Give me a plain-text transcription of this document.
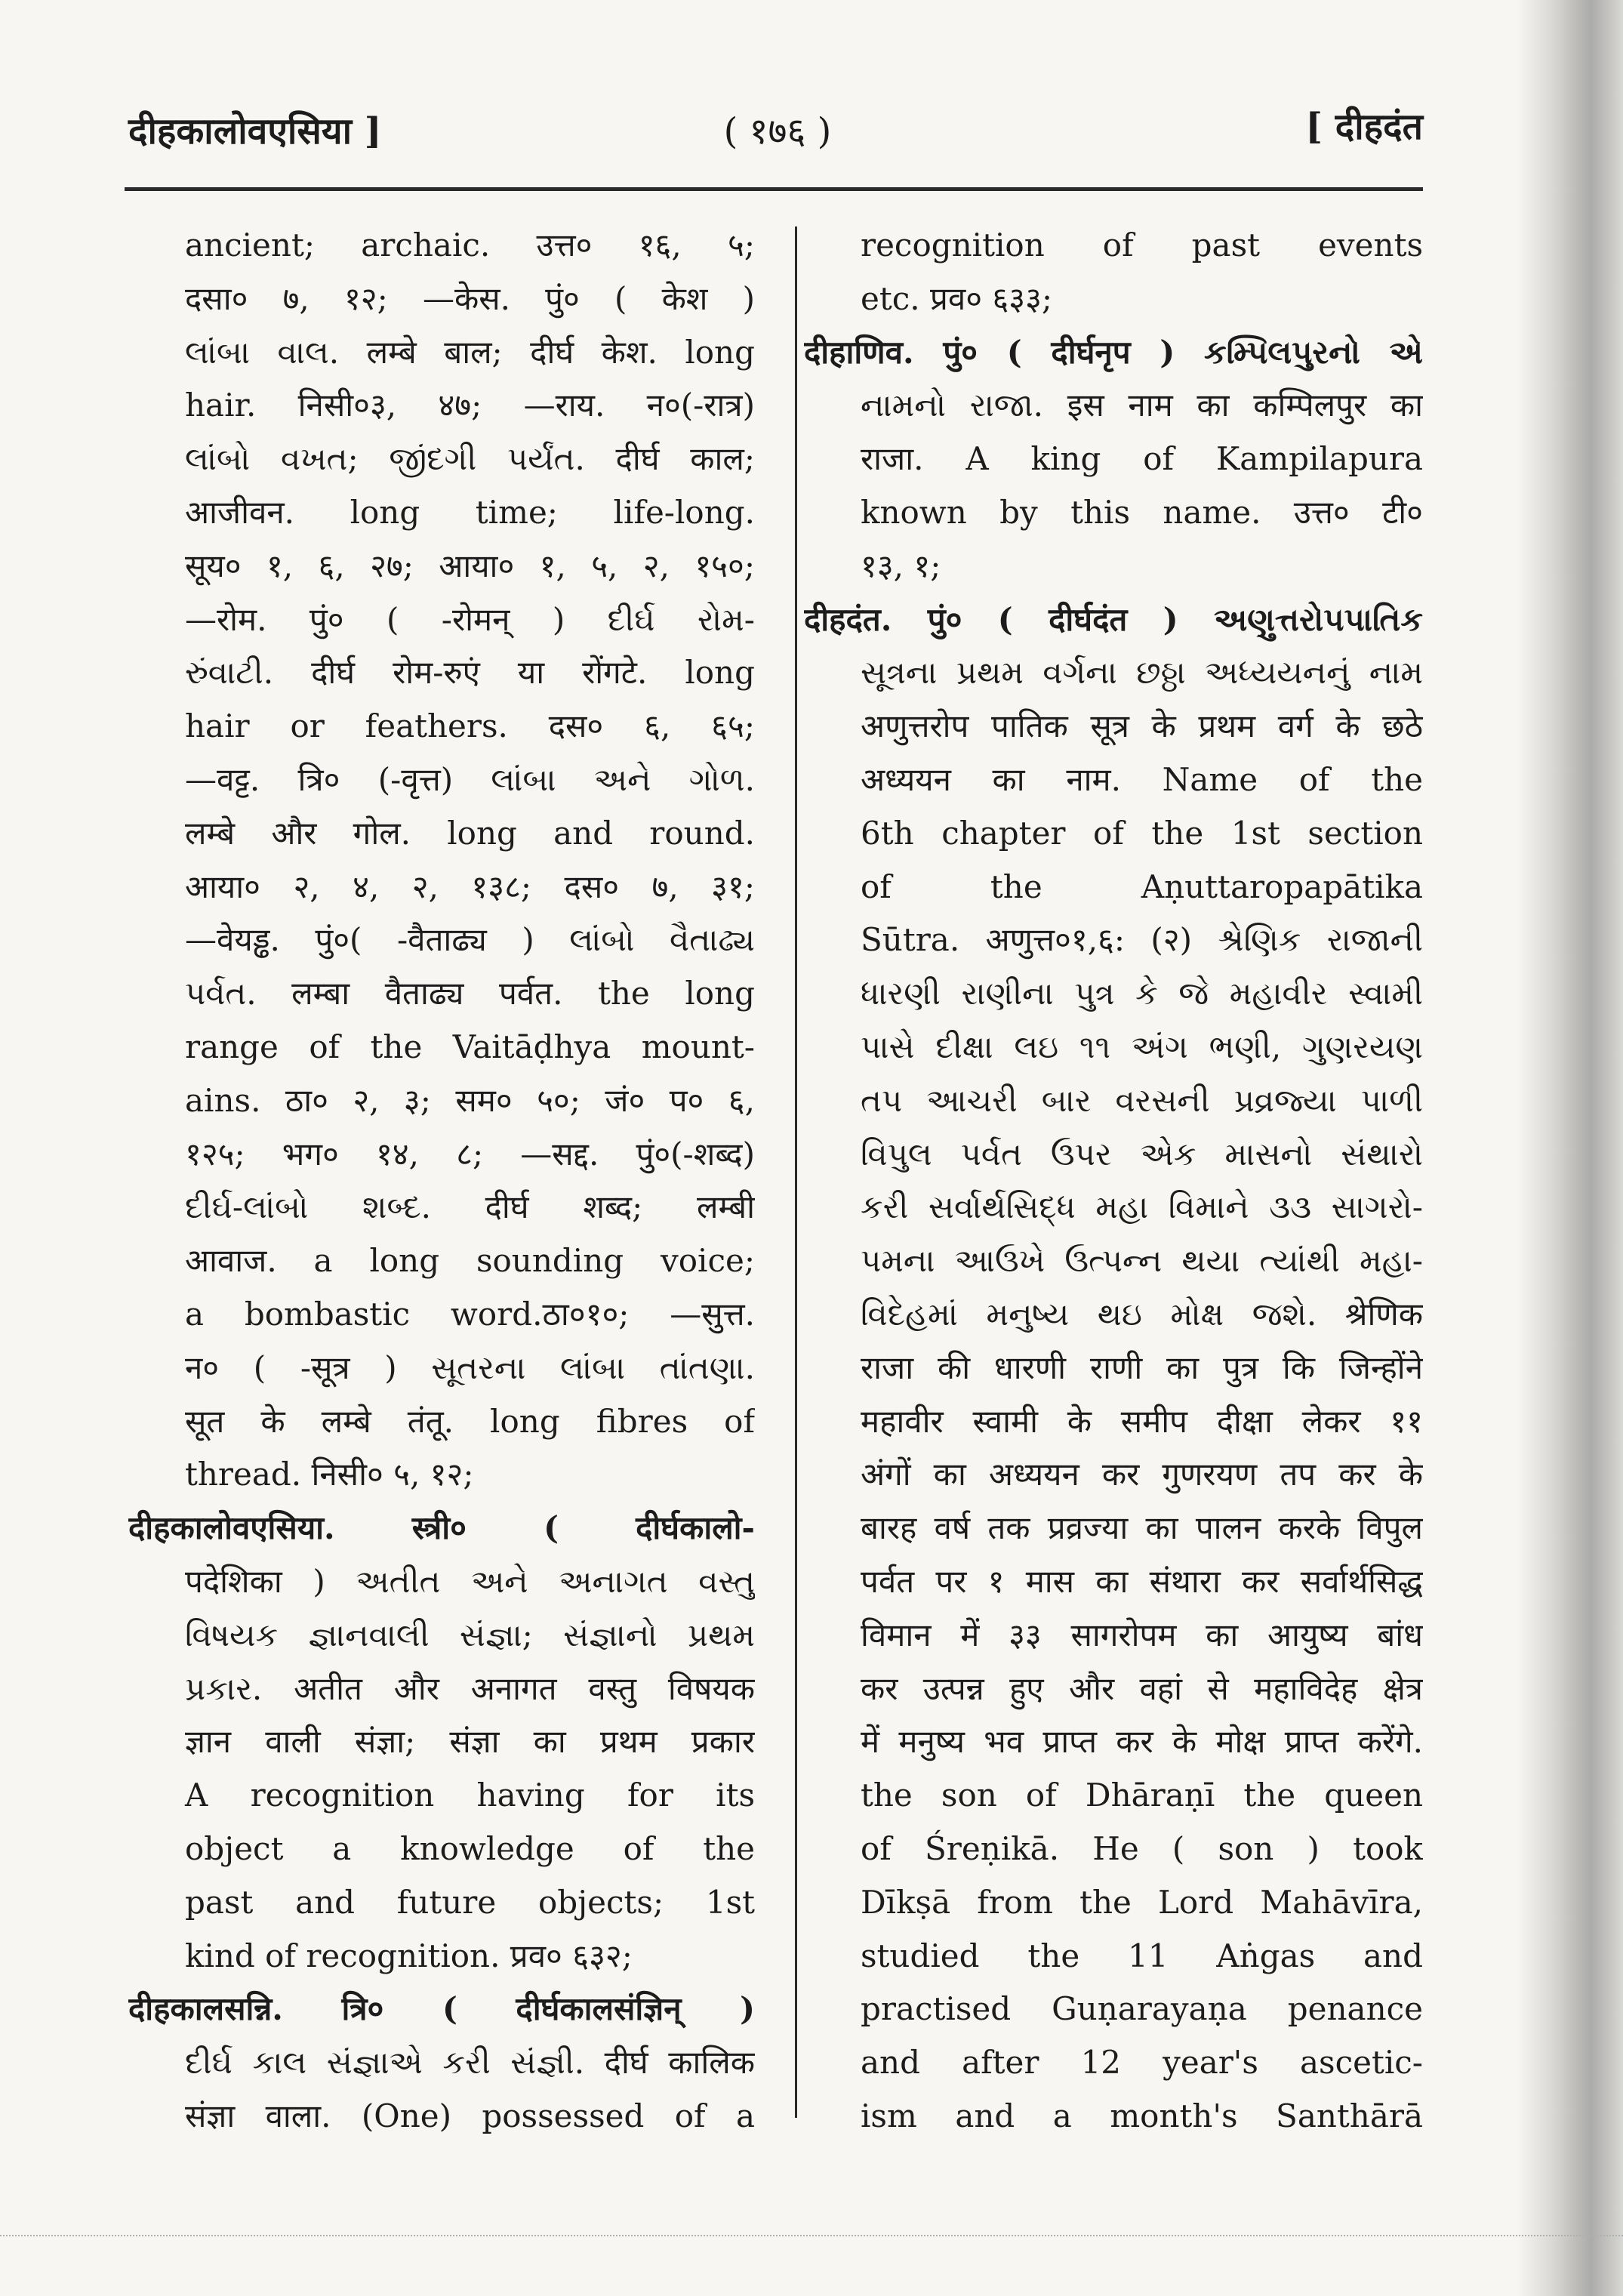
दीहकालोवएसिया ]	( १७६ )	[ दीहदंत
ancient; archaic. उत्त० १६, ५;
दसा० ७, १२; —केस. पुं० ( केश )
લાંબા વાલ. लम्बे बाल; दीर्घ केश. long
hair. निसी०३, ४७; —राय. न०(-रात्र)
લાંબો વખત; જીંદગી પર્યંત. दीर्घ काल;
आजीवन. long time; life-long.
सूय० १, ६, २७; आया० १, ५, २, १५०;
—रोम. पुं० ( -रोमन् ) દીર્ઘ રોમ-
રુંવાટી. दीर्घ रोम-रुएं या रोंगटे. long
hair or feathers. दस० ६, ६५;
—वट्ट. त्रि० (-वृत्त) લાંબા અને ગોળ.
लम्बे और गोल. long and round.
आया० २, ४, २, १३८; दस० ७, ३१;
—वेयड्ढ. पुं०( -वैताढ्य ) લાંબો વૈતાઢ્ય
પર્વત. लम्बा वैताढ्य पर्वत. the long
range of the Vaitāḍhya mount-
ains. ठा० २, ३; सम० ५०; जं० प० ६,
१२५; भग० १४, ८; —सद्द. पुं०(-शब्द)
દીર્ઘ-લાંબો શબ્દ. दीर्घ शब्द; लम्बी
आवाज. a long sounding voice;
a bombastic word.ठा०१०; —सुत्त.
न० ( -सूत्र ) સૂતરના લાંબા તાંતણા.
सूत के लम्बे तंतू. long fibres of
thread. निसी० ५, १२;
दीहकालोवएसिया. स्त्री० ( दीर्घकालो-
पदेशिका ) અતીત અને અનાગત વસ્તુ
વિષયક જ્ઞાનવાલી સંજ્ઞા; સંજ્ઞાનો પ્રથમ
પ્રકાર. अतीत और अनागत वस्तु विषयक
ज्ञान वाली संज्ञा; संज्ञा का प्रथम प्रकार
A recognition having for its
object a knowledge of the
past and future objects; 1st
kind of recognition. प्रव० ६३२;
दीहकालसन्नि. त्रि० ( दीर्घकालसंज्ञिन् )
દીર્ઘ કાલ સંજ્ઞાએ કરી સંજ્ઞી. दीर्घ कालिक
संज्ञा वाला. (One) possessed of a
recognition of past events
etc. प्रव० ६३३;
दीहाणिव. पुं० ( दीर्घनृप ) કમ્પિલપુરનો એ
નામનો રાજા. इस नाम का कम्पिलपुर का
राजा. A king of Kampilapura
known by this name. उत्त० टी०
१३, १;
दीहदंत. पुं० ( दीर्घदंत ) અણુત્તરોપપાતિક
સૂત્રના પ્રથમ વર્ગના છઠ્ઠા અધ્યયનનું નામ
अणुत्तरोप पातिक सूत्र के प्रथम वर्ग के छठे
अध्ययन का नाम. Name of the
6th chapter of the 1st section
of the Aṇuttaropapātika
Sūtra. अणुत्त०१,६: (२) શ્રેણિક રાજાની
ધારણી રાણીના પુત્ર કે જે મહાવીર સ્વામી
પાસે દીક્ષા લઇ ૧૧ અંગ ભણી, ગુણરયણ
તપ આચરી બાર વરસની પ્રવ્રજ્યા પાળી
વિપુલ પર્વત ઉપર એક માસનો સંથારો
કરી સર્વાર્થસિદ્ધ મહા વિમાને ૩૩ સાગરો-
પમના આઉખે ઉત્પન્ન થયા ત્યાંથી મહા-
વિદેહમાં મનુષ્ય થઇ મોક્ષ જશે. श्रेणिक
राजा की धारणी राणी का पुत्र कि जिन्होंने
महावीर स्वामी के समीप दीक्षा लेकर ११
अंगों का अध्ययन कर गुणरयण तप कर के
बारह वर्ष तक प्रव्रज्या का पालन करके विपुल
पर्वत पर १ मास का संथारा कर सर्वार्थसिद्ध
विमान में ३३ सागरोपम का आयुष्य बांध
कर उत्पन्न हुए और वहां से महाविदेह क्षेत्र
में मनुष्य भव प्राप्त कर के मोक्ष प्राप्त करेंगे.
the son of Dhāraṇī the queen
of Śreṇikā. He ( son ) took
Dīkṣā from the Lord Mahāvīra,
studied the 11 Aṅgas and
practised Guṇarayaṇa penance
and after 12 year's ascetic-
ism and a month's Santhārā
